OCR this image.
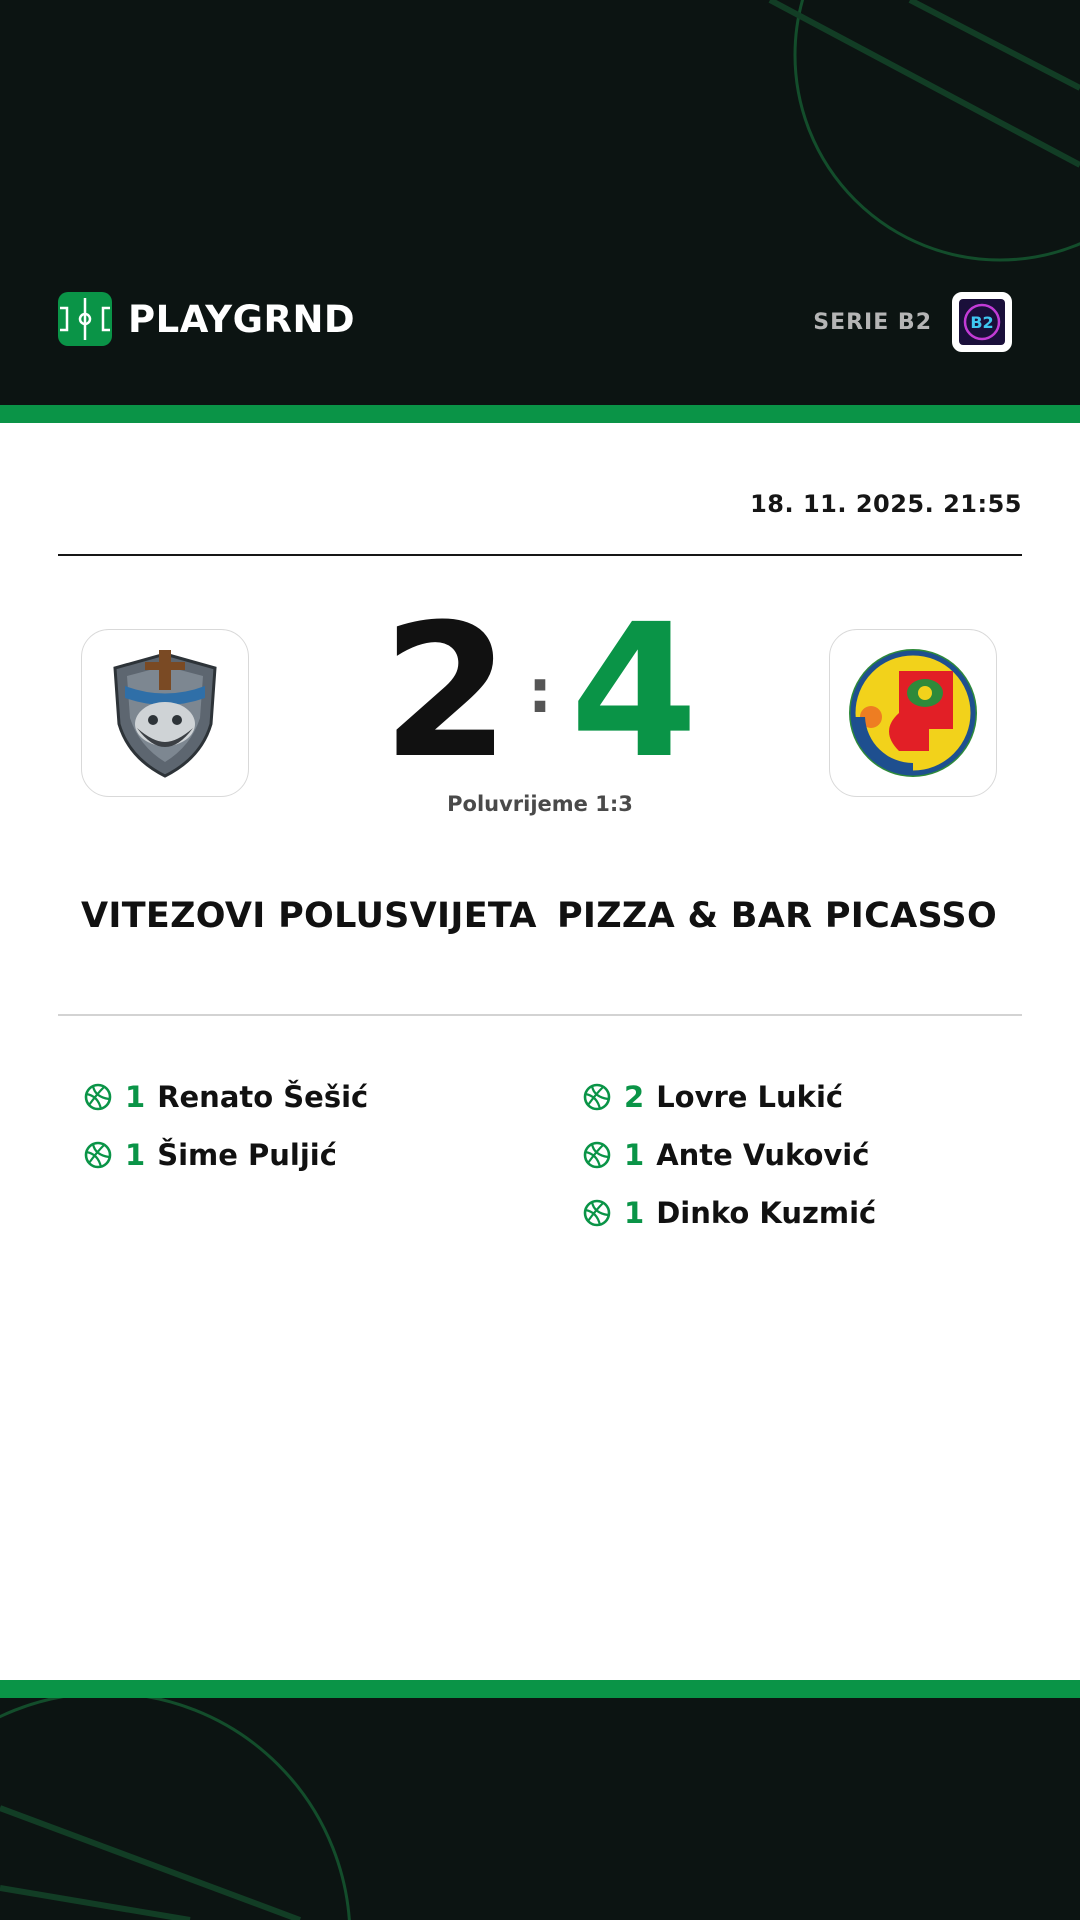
PLAYGRND	SERIE B2 B2
18. 11. 2025. 21:55
2 :4
Poluvrijeme 1:3
VITEZOVI POLUSVIJETA PIZZA & BAR PICASSO
1 Renato Šešić
1 Šime Puljić
2 Lovre Lukić
1 Ante Vuković
1 Dinko Kuzmić
